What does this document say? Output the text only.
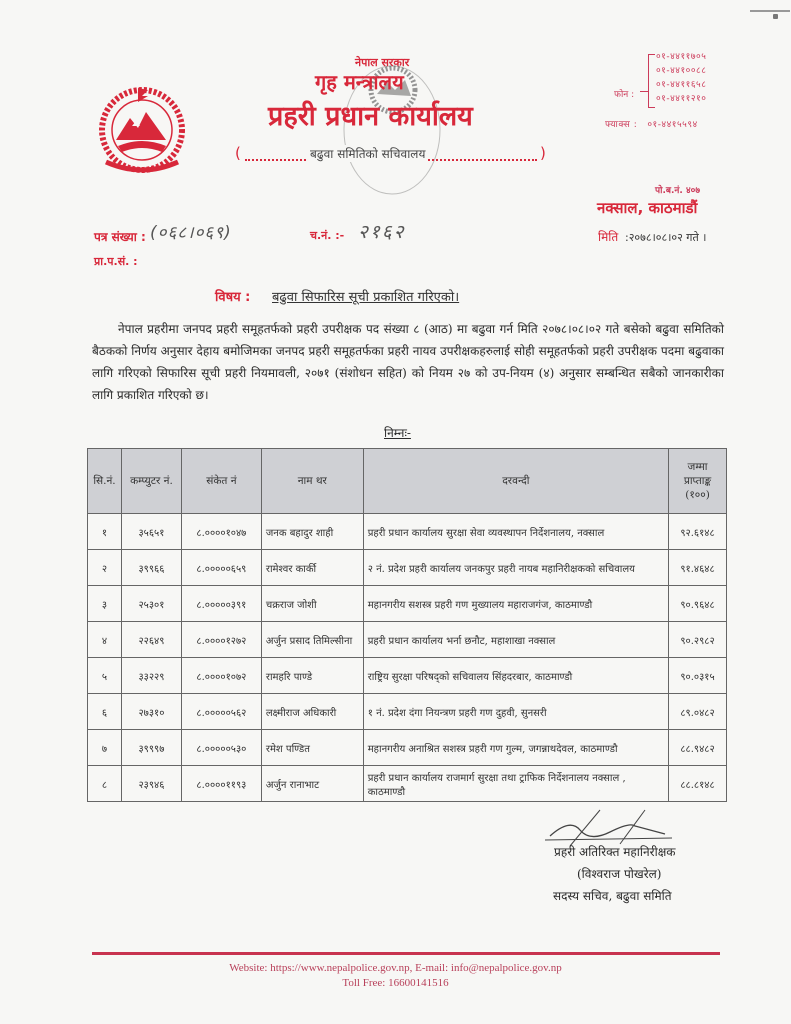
नेपाल सरकार
गृह मन्त्रालय
प्रहरी प्रधान कार्यालय
(	बढुवा समितिको सचिवालय	)
फोन :
०१-४४११७०५
०१-४४१००८८
०१-४४११६५८
०१-४४११२१०
फ्याक्स : ०१-४४१५५९४
पो.ब.नं. ४०७
नक्साल, काठमाडौं
मिति :२०७८।०८।०२ गते ।
पत्र संख्या : (०६८।०६९)	च.नं. :- २१६२
प्रा.प.सं. :
विषय : बढुवा सिफारिस सूची प्रकाशित गरिएको।
नेपाल प्रहरीमा जनपद प्रहरी समूहतर्फको प्रहरी उपरीक्षक पद संख्या ८ (आठ) मा बढुवा गर्न मिति २०७८।०८।०२ गते बसेको बढुवा समितिको बैठकको निर्णय अनुसार देहाय बमोजिमका जनपद प्रहरी समूहतर्फका प्रहरी नायव उपरीक्षकहरुलाई सोही समूहतर्फको प्रहरी उपरीक्षक पदमा बढुवाका लागि गरिएको सिफारिस सूची प्रहरी नियमावली, २०७१ (संशोधन सहित) को नियम २७ को उप-नियम (४) अनुसार सम्बन्धित सबैको जानकारीका लागि प्रकाशित गरिएको छ।
निम्नः-
सि.नं.	कम्प्युटर नं.	संकेत नं	नाम थर	दरवन्दी	जम्मा प्राप्ताङ्क (१००)
१	३५६५१	८.००००१०४७	जनक बहादुर शाही	प्रहरी प्रधान कार्यालय सुरक्षा सेवा व्यवस्थापन निर्देशनालय, नक्साल	९२.६१४८
२	३९९६६	८.०००००६५९	रामेश्वर कार्की	२ नं. प्रदेश प्रहरी कार्यालय जनकपुर प्रहरी नायब महानिरीक्षकको सचिवालय	९१.४६४८
३	२५३०१	८.०००००३९१	चक्रराज जोशी	महानगरीय सशस्त्र प्रहरी गण मुख्यालय महाराजगंज, काठमाण्डौ	९०.९६४८
४	२२६४९	८.००००१२७२	अर्जुन प्रसाद तिमिल्सीना	प्रहरी प्रधान कार्यालय भर्ना छनौट, महाशाखा नक्साल	९०.२९८२
५	३३२२९	८.००००१०७२	रामहरि पाण्डे	राष्ट्रिय सुरक्षा परिषद्को सचिवालय सिंहदरबार, काठमाण्डौ	९०.०३१५
६	२७३१०	८.०००००५६२	लक्ष्मीराज अधिकारी	१ नं. प्रदेश दंगा नियन्त्रण प्रहरी गण दुहवी, सुनसरी	८९.०४८२
७	३९९९७	८.०००००५३०	रमेश पण्डित	महानगरीय अनाश्रित सशस्त्र प्रहरी गण गुल्म, जगन्नाथदेवल, काठमाण्डौ	८८.९४८२
८	२३९४६	८.००००११९३	अर्जुन रानाभाट	प्रहरी प्रधान कार्यालय राजमार्ग सुरक्षा तथा ट्राफिक निर्देशनालय नक्साल , काठमाण्डौ	८८.८१४८
प्रहरी अतिरिक्त महानिरीक्षक
(विश्वराज पोखरेल)
सदस्य सचिव, बढुवा समिति
Website: https://www.nepalpolice.gov.np, E-mail: info@nepalpolice.gov.np
Toll Free: 16600141516
